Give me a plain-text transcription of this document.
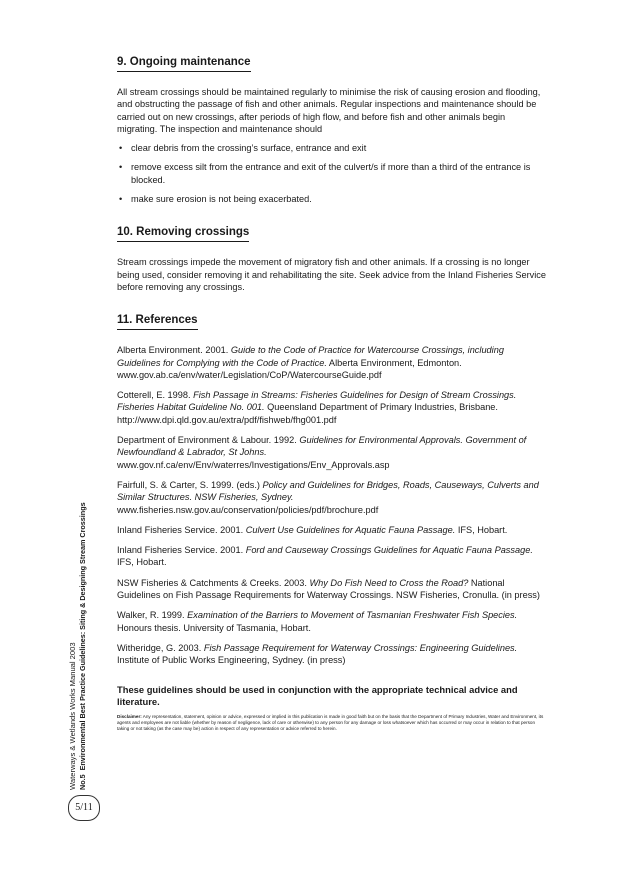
9. Ongoing maintenance

All stream crossings should be maintained regularly to minimise the risk of causing erosion and flooding, and obstructing the passage of fish and other animals. Regular inspections and maintenance should be carried out on new crossings, after periods of high flow, and before fish and other animals begin migrating. The inspection and maintenance should

• clear debris from the crossing’s surface, entrance and exit
• remove excess silt from the entrance and exit of the culvert/s if more than a third of the entrance is blocked.
• make sure erosion is not being exacerbated.
10. Removing crossings

Stream crossings impede the movement of migratory fish and other animals. If a crossing is no longer being used, consider removing it and rehabilitating the site. Seek advice from the Inland Fisheries Service before removing any crossings.

11. References

Alberta Environment. 2001. Guide to the Code of Practice for Watercourse Crossings, including Guidelines for Complying with the Code of Practice. Alberta Environment, Edmonton.
www.gov.ab.ca/env/water/Legislation/CoP/WatercourseGuide.pdf

Cotterell, E. 1998. Fish Passage in Streams: Fisheries Guidelines for Design of Stream Crossings. Fisheries Habitat Guideline No. 001. Queensland Department of Primary Industries, Brisbane.
http://www.dpi.qld.gov.au/extra/pdf/fishweb/fhg001.pdf

Department of Environment & Labour. 1992. Guidelines for Environmental Approvals. Government of Newfoundland & Labrador, St Johns.
www.gov.nf.ca/env/Env/waterres/Investigations/Env_Approvals.asp

Fairfull, S. & Carter, S. 1999. (eds.) Policy and Guidelines for Bridges, Roads, Causeways, Culverts and Similar Structures. NSW Fisheries, Sydney.
www.fisheries.nsw.gov.au/conservation/policies/pdf/brochure.pdf

Inland Fisheries Service. 2001. Culvert Use Guidelines for Aquatic Fauna Passage. IFS, Hobart.

Inland Fisheries Service. 2001. Ford and Causeway Crossings Guidelines for Aquatic Fauna Passage. IFS, Hobart.

NSW Fisheries & Catchments & Creeks. 2003. Why Do Fish Need to Cross the Road? National Guidelines on Fish Passage Requirements for Waterway Crossings. NSW Fisheries, Cronulla. (in press)

Walker, R. 1999. Examination of the Barriers to Movement of Tasmanian Freshwater Fish Species. Honours thesis. University of Tasmania, Hobart.

Witheridge, G. 2003. Fish Passage Requirement for Waterway Crossings: Engineering Guidelines. Institute of Public Works Engineering, Sydney. (in press)

These guidelines should be used in conjunction with the appropriate technical advice and literature.

Disclaimer: Any representation, statement, opinion or advice, expressed or implied in this publication is made in good faith but on the basis that the Department of Primary Industries, Water and Environment, its agents and employees are not liable (whether by reason of negligence, lack of care or otherwise) to any person for any damage or loss whatsoever which has occurred or may occur in relation to that person taking or not taking (as the case may be) action in respect of any representation or advice referred to herein.

Waterways & Wetlands Works Manual 2003 No.5  Environmental Best Practice Guidelines: Siting & Designing Stream Crossings
5/11
